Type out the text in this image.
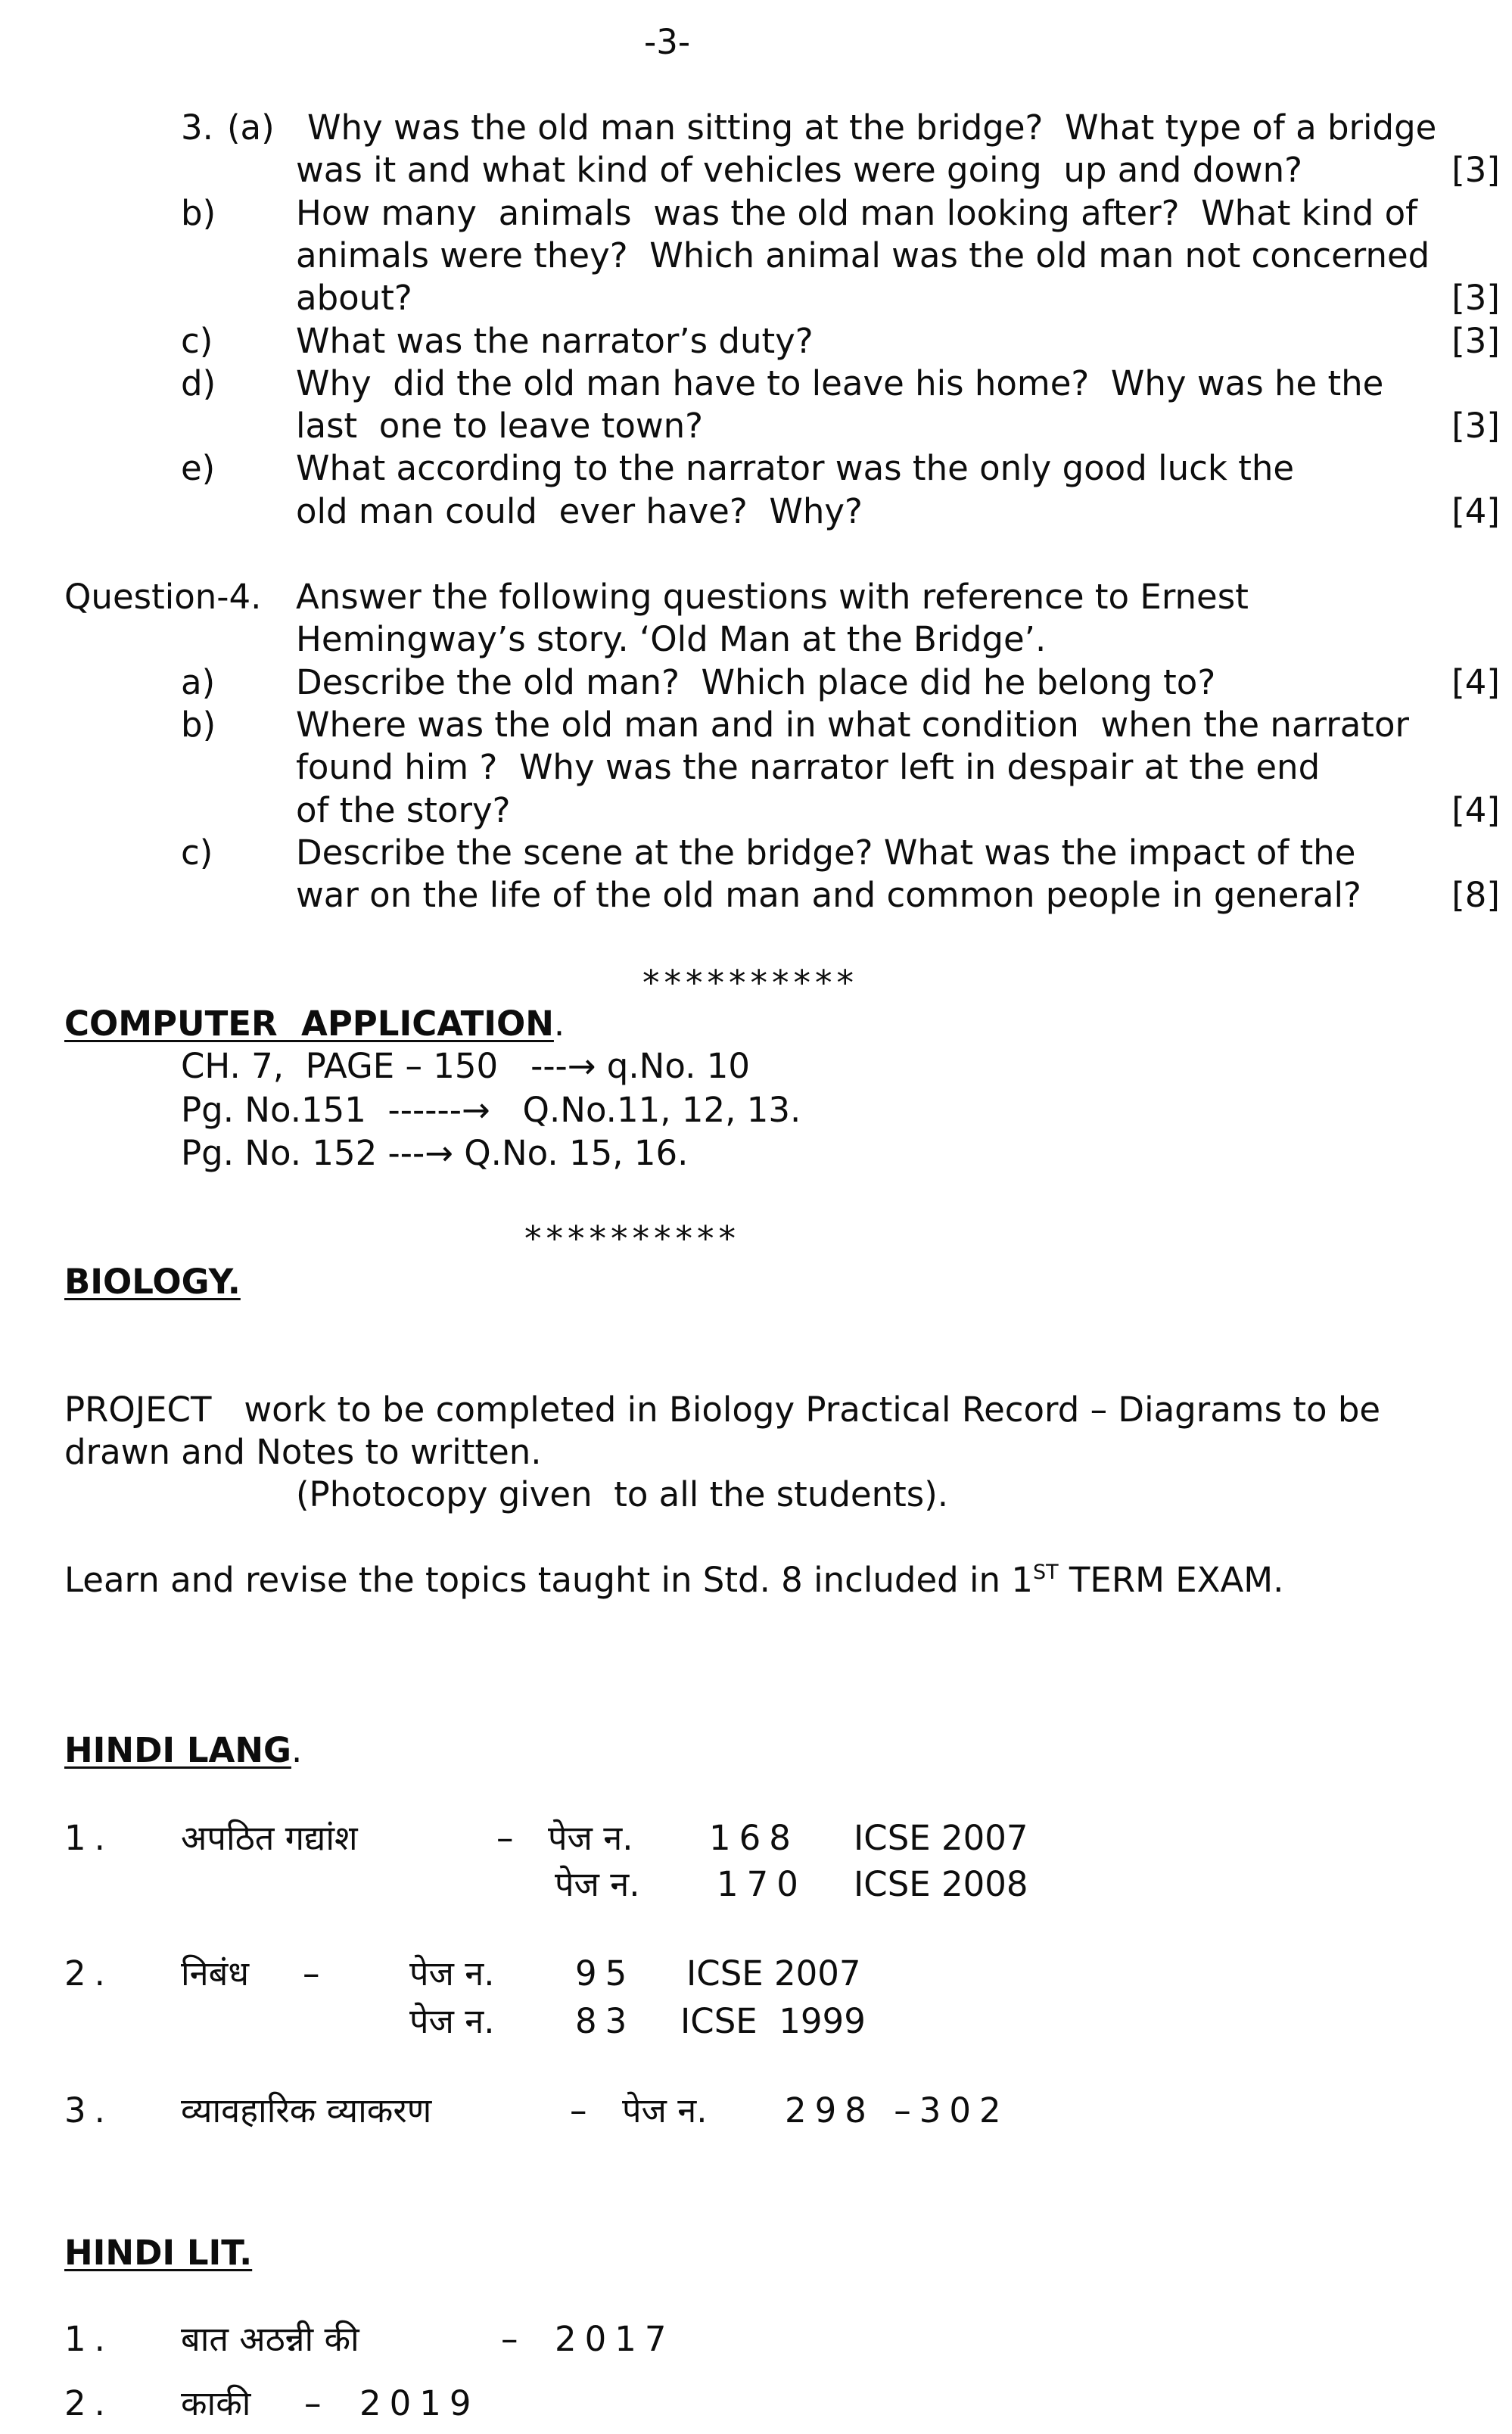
-3-
3. (a) Why was the old man sitting at the bridge?  What type of a bridge
was it and what kind of vehicles were going  up and down?	[3]
b) How many  animals  was the old man looking after?  What kind of
animals were they?  Which animal was the old man not concerned
about?	[3]
c) What was the narrator’s duty?	[3]
d) Why  did the old man have to leave his home?  Why was he the
last  one to leave town?	[3]
e) What according to the narrator was the only good luck the
old man could  ever have?  Why?	[4]
Question-4. Answer the following questions with reference to Ernest
Hemingway’s story. ‘Old Man at the Bridge’.
a) Describe the old man?  Which place did he belong to?	[4]
b) Where was the old man and in what condition  when the narrator
found him ?  Why was the narrator left in despair at the end
of the story?	[4]
c) Describe the scene at the bridge? What was the impact of the
war on the life of the old man and common people in general?	[8]
**********
COMPUTER  APPLICATION.
CH. 7,  PAGE – 150   ---→ q.No. 10
Pg. No.151  ------→   Q.No.11, 12, 13.
Pg. No. 152 ---→ Q.No. 15, 16.
**********
BIOLOGY.
PROJECT   work to be completed in Biology Practical Record – Diagrams to be
drawn and Notes to written.
(Photocopy given  to all the students).
Learn and revise the topics taught in Std. 8 included in 1ST TERM EXAM.
HINDI LANG.
1. अपठित गद्यांश	– पेज न. 168 ICSE 2007
पेज न. 170 ICSE 2008
2. निबंध –	पेज न. 95 ICSE 2007
पेज न. 83 ICSE  1999
3. व्यावहारिक व्याकरण	– पेज न. 298 –302
HINDI LIT.
1. बात अठन्नी की	– 2017
2. काकी – 2019
